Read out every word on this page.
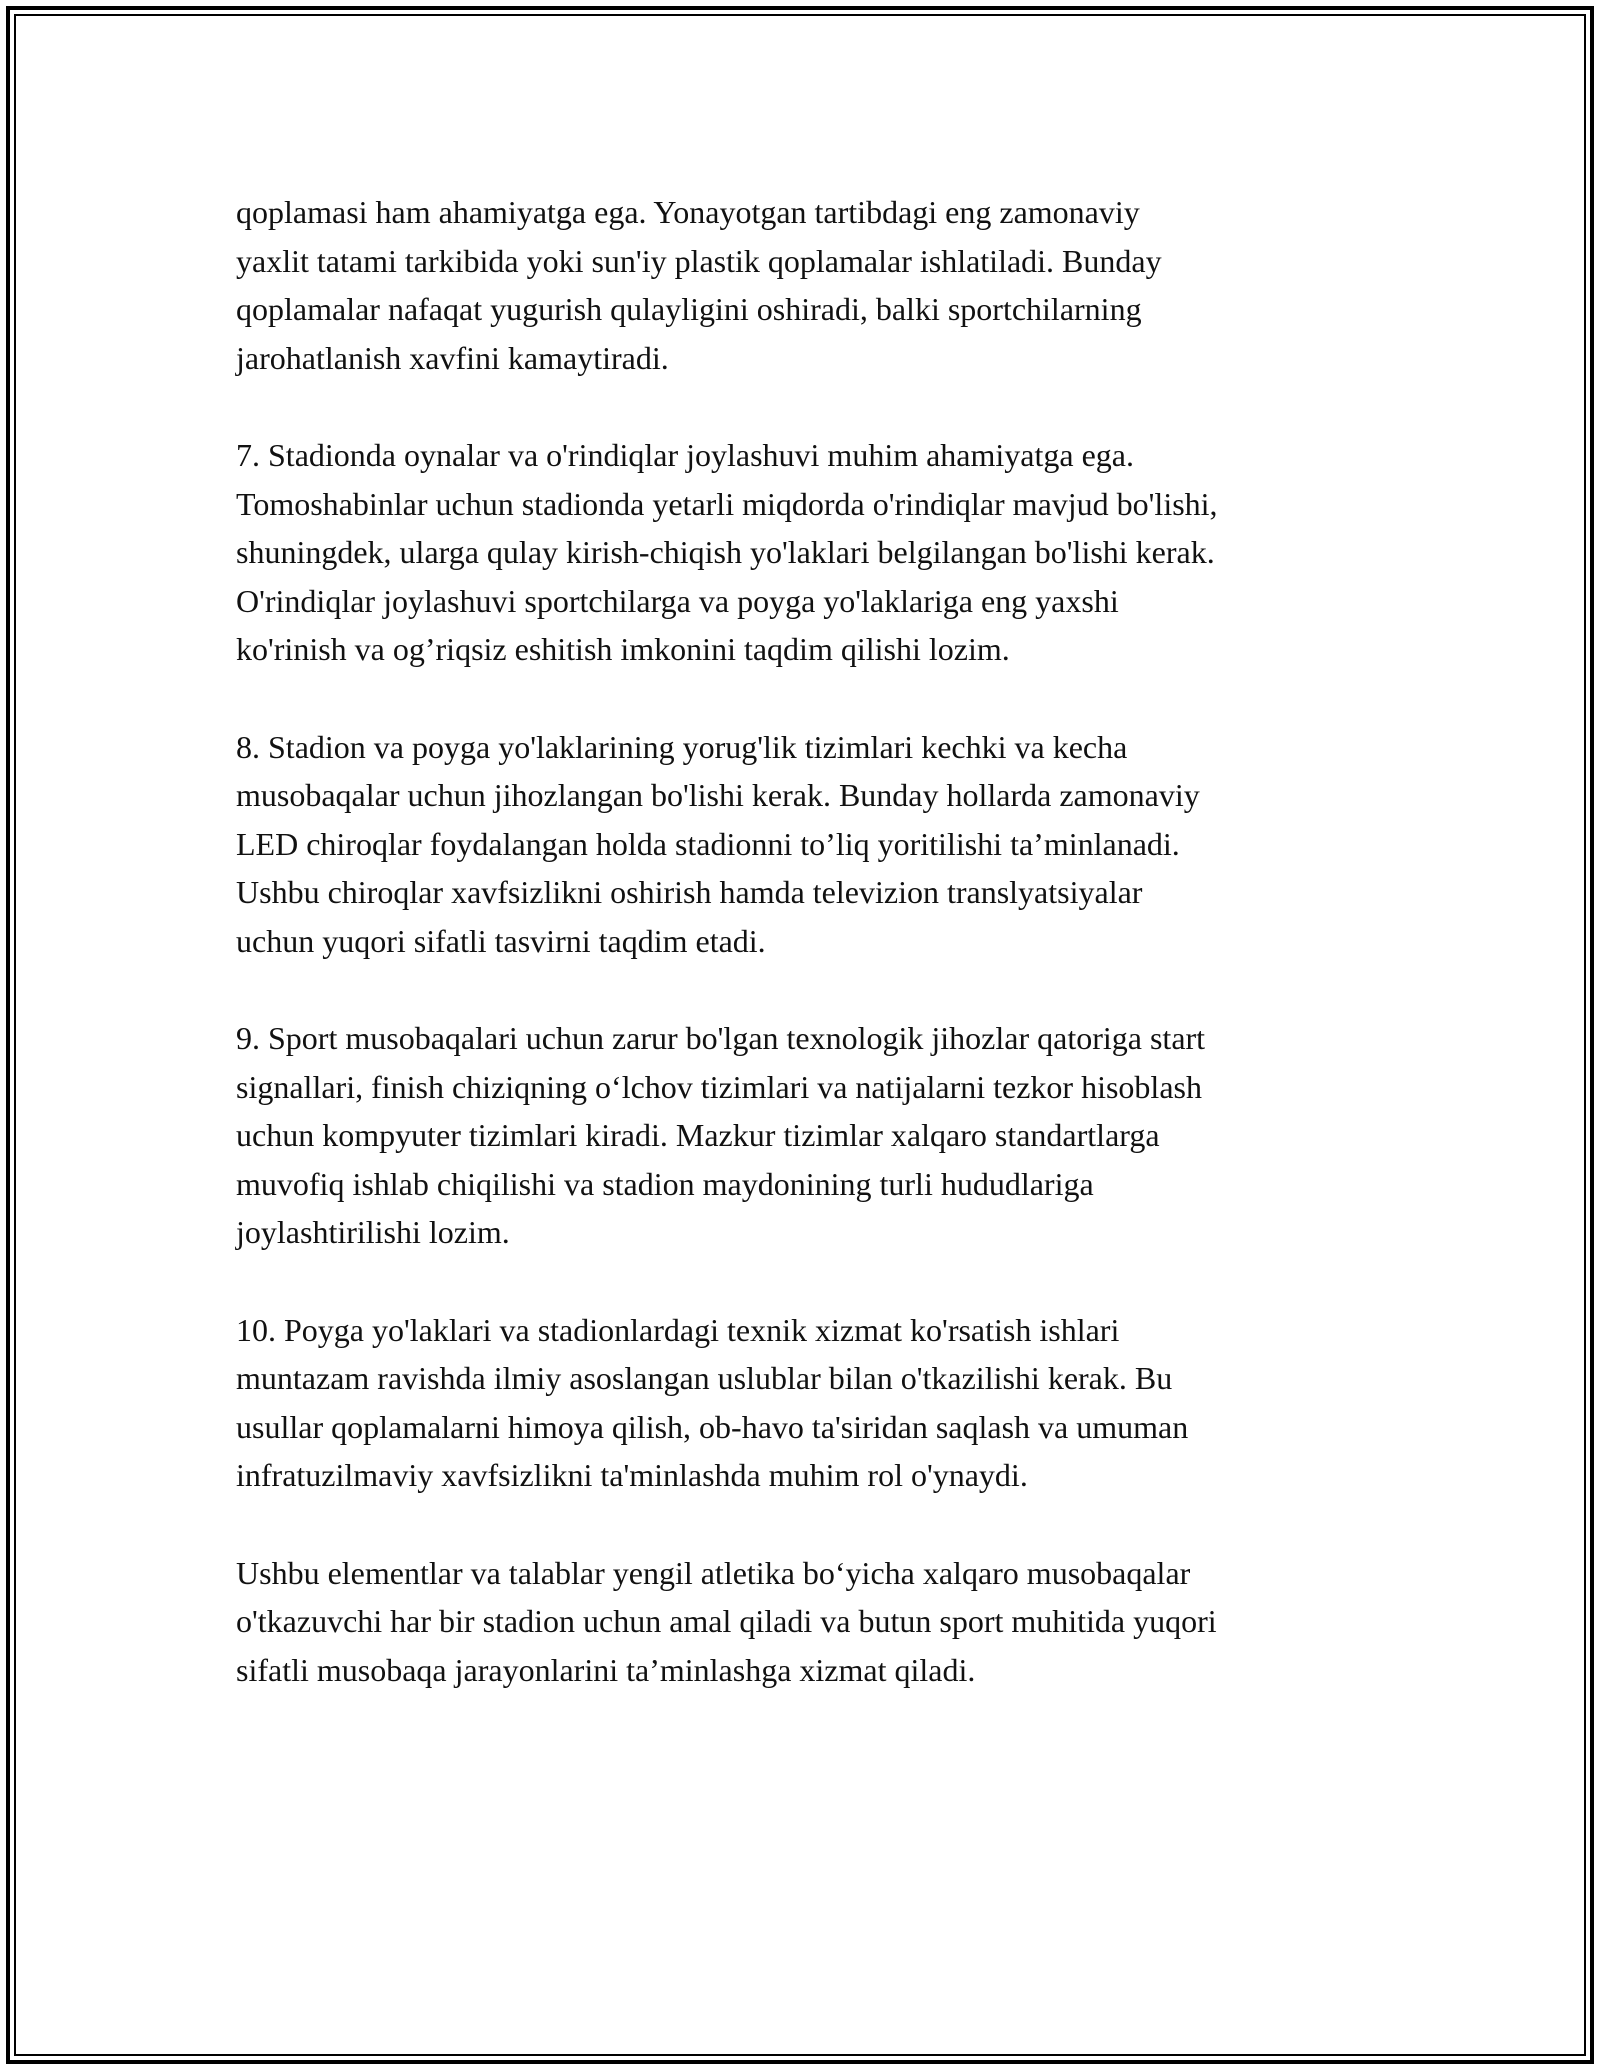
qoplamasi ham ahamiyatga ega. Yonayotgan tartibdagi eng zamonaviy
yaxlit tatami tarkibida yoki sun'iy plastik qoplamalar ishlatiladi. Bunday
qoplamalar nafaqat yugurish qulayligini oshiradi, balki sportchilarning
jarohatlanish xavfini kamaytiradi.

7. Stadionda oynalar va o'rindiqlar joylashuvi muhim ahamiyatga ega.
Tomoshabinlar uchun stadionda yetarli miqdorda o'rindiqlar mavjud bo'lishi,
shuningdek, ularga qulay kirish-chiqish yo'laklari belgilangan bo'lishi kerak.
O'rindiqlar joylashuvi sportchilarga va poyga yo'laklariga eng yaxshi
ko'rinish va og’riqsiz eshitish imkonini taqdim qilishi lozim.

8. Stadion va poyga yo'laklarining yorug'lik tizimlari kechki va kecha
musobaqalar uchun jihozlangan bo'lishi kerak. Bunday hollarda zamonaviy
LED chiroqlar foydalangan holda stadionni to’liq yoritilishi ta’minlanadi.
Ushbu chiroqlar xavfsizlikni oshirish hamda televizion translyatsiyalar
uchun yuqori sifatli tasvirni taqdim etadi.

9. Sport musobaqalari uchun zarur bo'lgan texnologik jihozlar qatoriga start
signallari, finish chiziqning o‘lchov tizimlari va natijalarni tezkor hisoblash
uchun kompyuter tizimlari kiradi. Mazkur tizimlar xalqaro standartlarga
muvofiq ishlab chiqilishi va stadion maydonining turli hududlariga
joylashtirilishi lozim.

10. Poyga yo'laklari va stadionlardagi texnik xizmat ko'rsatish ishlari
muntazam ravishda ilmiy asoslangan uslublar bilan o'tkazilishi kerak. Bu
usullar qoplamalarni himoya qilish, ob-havo ta'siridan saqlash va umuman
infratuzilmaviy xavfsizlikni ta'minlashda muhim rol o'ynaydi.

Ushbu elementlar va talablar yengil atletika bo‘yicha xalqaro musobaqalar
o'tkazuvchi har bir stadion uchun amal qiladi va butun sport muhitida yuqori
sifatli musobaqa jarayonlarini ta’minlashga xizmat qiladi.
